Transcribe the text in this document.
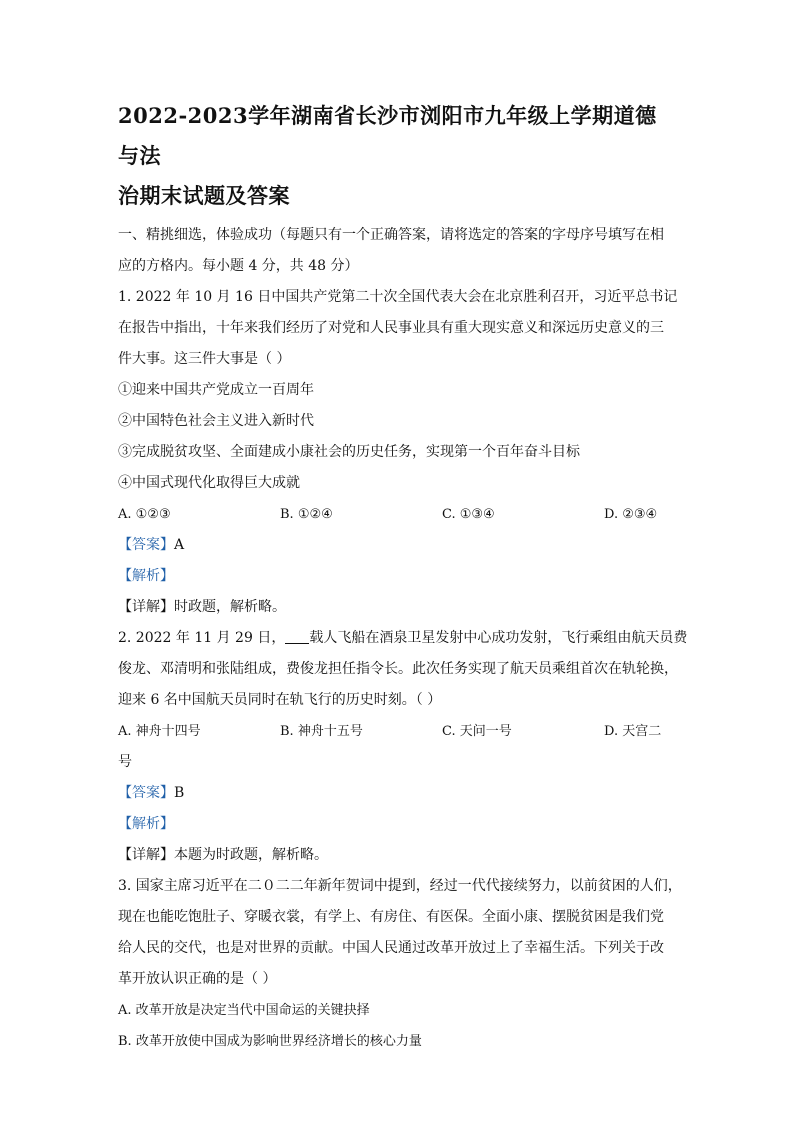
2022-2023学年湖南省长沙市浏阳市九年级上学期道德与法
治期末试题及答案

一、精挑细选，体验成功（每题只有一个正确答案，请将选定的答案的字母序号填写在相

应的方格内。每小题 4 分，共 48 分）

1. 2022 年 10 月 16 日中国共产党第二十次全国代表大会在北京胜利召开，习近平总书记

在报告中指出，十年来我们经历了对党和人民事业具有重大现实意义和深远历史意义的三

件大事。这三件大事是（ ）

①迎来中国共产党成立一百周年

②中国特色社会主义进入新时代

③完成脱贫攻坚、全面建成小康社会的历史任务，实现第一个百年奋斗目标

④中国式现代化取得巨大成就

A. ①②③	B. ①②④	C. ①③④	D. ②③④

【答案】A

【解析】

【详解】时政题，解析略。

2. 2022 年 11 月 29 日， 载人飞船在酒泉卫星发射中心成功发射，飞行乘组由航天员费

俊龙、邓清明和张陆组成，费俊龙担任指令长。此次任务实现了航天员乘组首次在轨轮换，

迎来 6 名中国航天员同时在轨飞行的历史时刻。（ ）

A. 神舟十四号	B. 神舟十五号	C. 天问一号	D. 天宫二

号

【答案】B

【解析】

【详解】本题为时政题，解析略。

3. 国家主席习近平在二０二二年新年贺词中提到，经过一代代接续努力，以前贫困的人们，

现在也能吃饱肚子、穿暖衣裳，有学上、有房住、有医保。全面小康、摆脱贫困是我们党

给人民的交代，也是对世界的贡献。中国人民通过改革开放过上了幸福生活。下列关于改

革开放认识正确的是（ ）

A. 改革开放是决定当代中国命运的关键抉择

B. 改革开放使中国成为影响世界经济增长的核心力量
